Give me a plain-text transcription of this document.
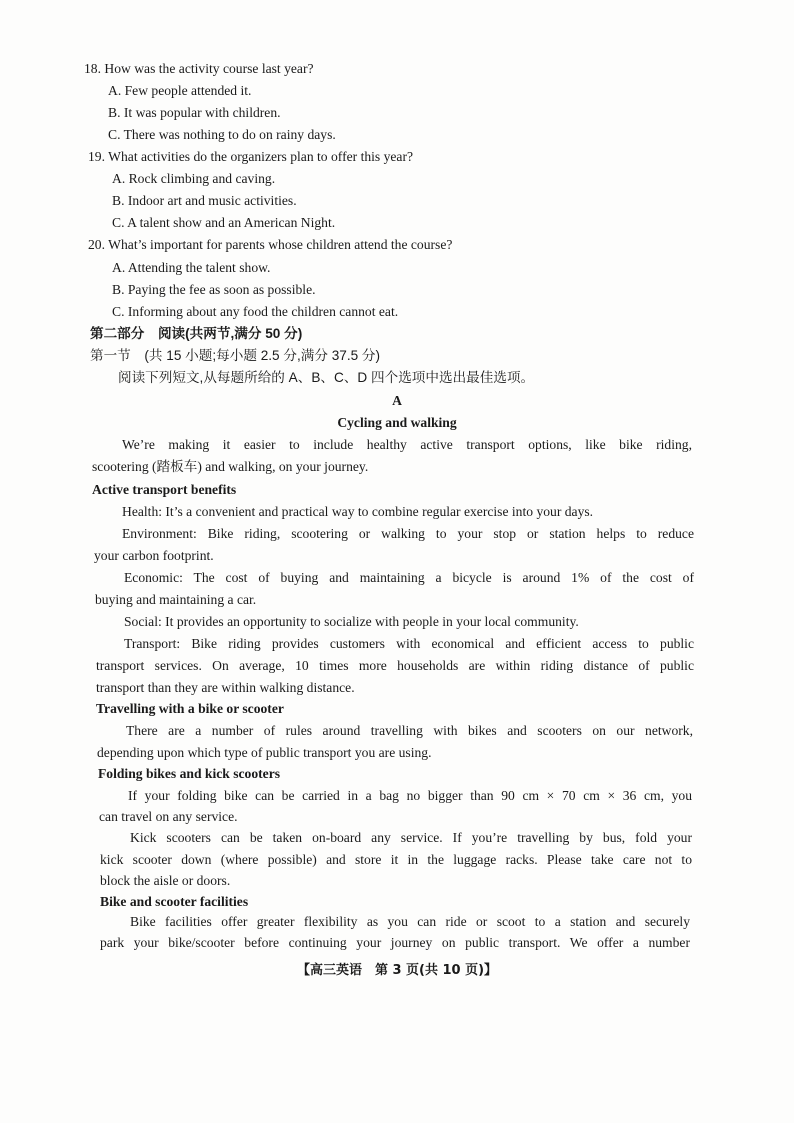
18. How was the activity course last year?
A. Few people attended it.
B. It was popular with children.
C. There was nothing to do on rainy days.
19. What activities do the organizers plan to offer this year?
A. Rock climbing and caving.
B. Indoor art and music activities.
C. A talent show and an American Night.
20. What’s important for parents whose children attend the course?
A. Attending the talent show.
B. Paying the fee as soon as possible.
C. Informing about any food the children cannot eat.
第二部分　阅读(共两节,满分 50 分)
第一节　(共 15 小题;每小题 2.5 分,满分 37.5 分)
阅读下列短文,从每题所给的 A、B、C、D 四个选项中选出最佳选项。
A
Cycling and walking
We’re making it easier to include healthy active transport options, like bike riding,
scootering (踏板车) and walking, on your journey.
Active transport benefits
Health: It’s a convenient and practical way to combine regular exercise into your days.
Environment: Bike riding, scootering or walking to your stop or station helps to reduce
your carbon footprint.
Economic: The cost of buying and maintaining a bicycle is around 1% of the cost of
buying and maintaining a car.
Social: It provides an opportunity to socialize with people in your local community.
Transport: Bike riding provides customers with economical and efficient access to public
transport services. On average, 10 times more households are within riding distance of public
transport than they are within walking distance.
Travelling with a bike or scooter
There are a number of rules around travelling with bikes and scooters on our network,
depending upon which type of public transport you are using.
Folding bikes and kick scooters
If your folding bike can be carried in a bag no bigger than 90 cm × 70 cm × 36 cm, you
can travel on any service.
Kick scooters can be taken on-board any service. If you’re travelling by bus, fold your
kick scooter down (where possible) and store it in the luggage racks. Please take care not to
block the aisle or doors.
Bike and scooter facilities
Bike facilities offer greater flexibility as you can ride or scoot to a station and securely
park your bike/scooter before continuing your journey on public transport. We offer a number
【高三英语　第 3 页(共 10 页)】
